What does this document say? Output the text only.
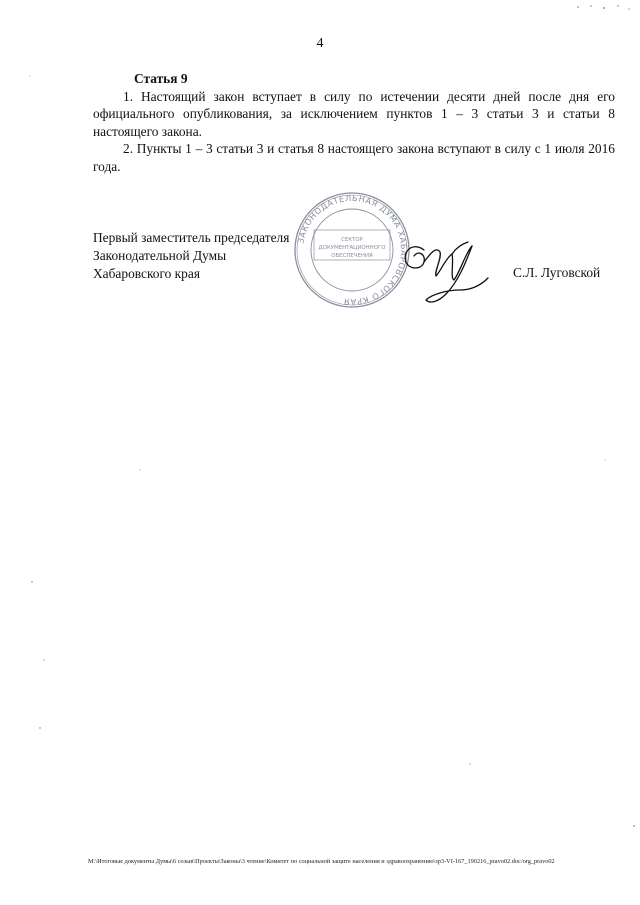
4
Статья 9

1. Настоящий закон вступает в силу по истечении десяти дней после дня его официального опубликования, за исключением пунктов 1 – 3 статьи 3 и статьи 8 настоящего закона.

2. Пункты 1 – 3 статьи 3 и статья 8 настоящего закона вступают в силу с 1 июля 2016 года.

Первый заместитель председателя
Законодательной Думы
Хабаровского края
ЗАКОНОДАТЕЛЬНАЯ ДУМА ХАБАРОВСКОГО КРАЯ
СЕКТОР
ДОКУМЕНТАЦИОННОГО
ОБЕСПЕЧЕНИЯ
С.Л. Луговской
M:\Итоговые документы Думы\6 созыв\Проекты\Законы\3 чтение\Комитет по социальной защите населения и здравоохранению\зр3-VI-167_190216_pravo02.doc/org_pravo02
